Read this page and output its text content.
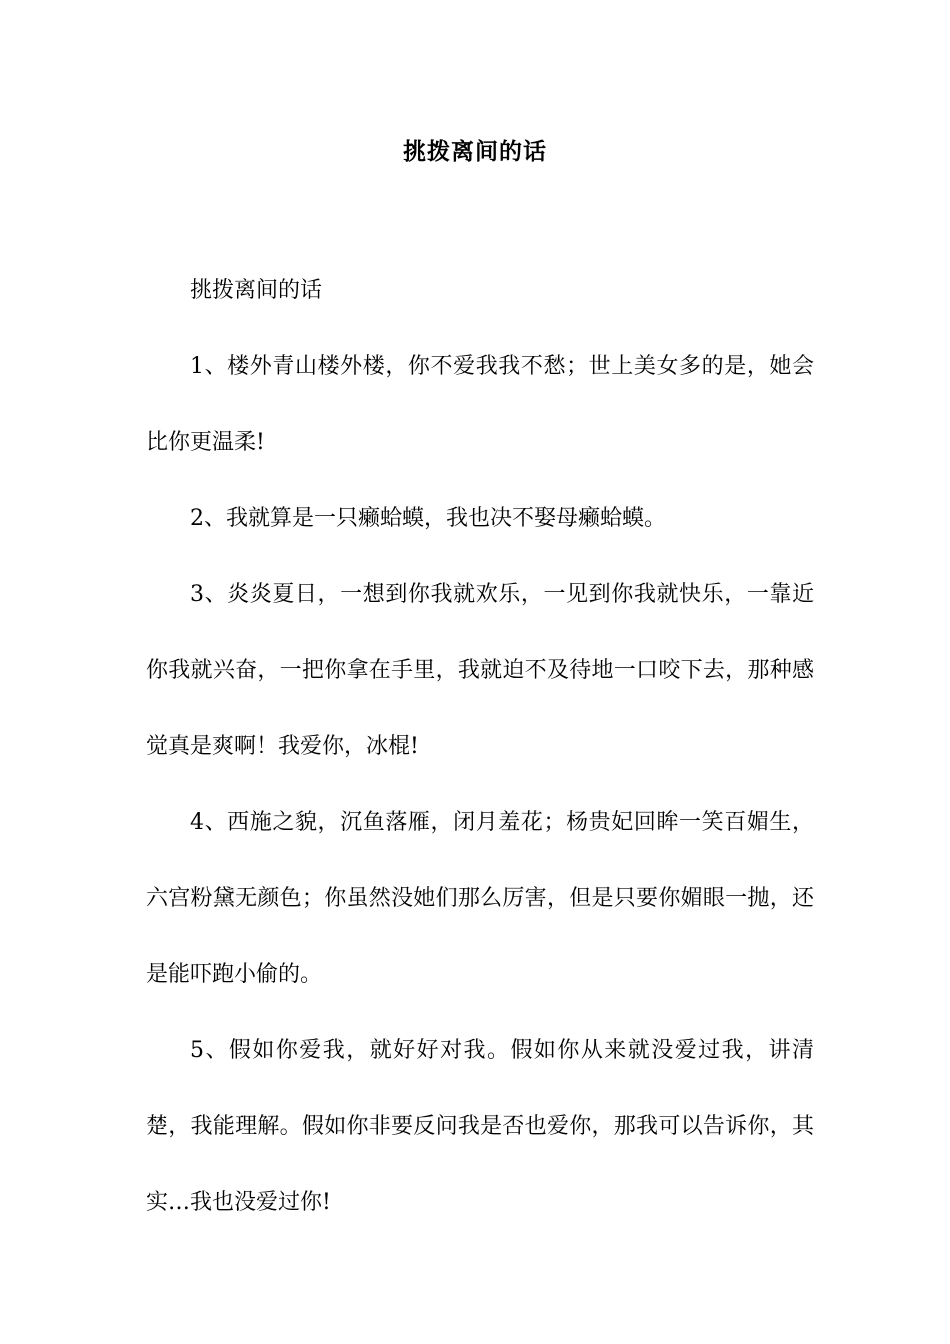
挑拨离间的话

挑拨离间的话

1、楼外青山楼外楼，你不爱我我不愁；世上美女多的是，她会比你更温柔!

2、我就算是一只癞蛤蟆，我也决不娶母癞蛤蟆。

3、炎炎夏日，一想到你我就欢乐，一见到你我就快乐，一靠近你我就兴奋，一把你拿在手里，我就迫不及待地一口咬下去，那种感觉真是爽啊！我爱你，冰棍!

4、西施之貌，沉鱼落雁，闭月羞花；杨贵妃回眸一笑百媚生，六宫粉黛无颜色；你虽然没她们那么厉害，但是只要你媚眼一抛，还是能吓跑小偷的。

5、假如你爱我，就好好对我。假如你从来就没爱过我，讲清楚，我能理解。假如你非要反问我是否也爱你，那我可以告诉你，其实…我也没爱过你!
